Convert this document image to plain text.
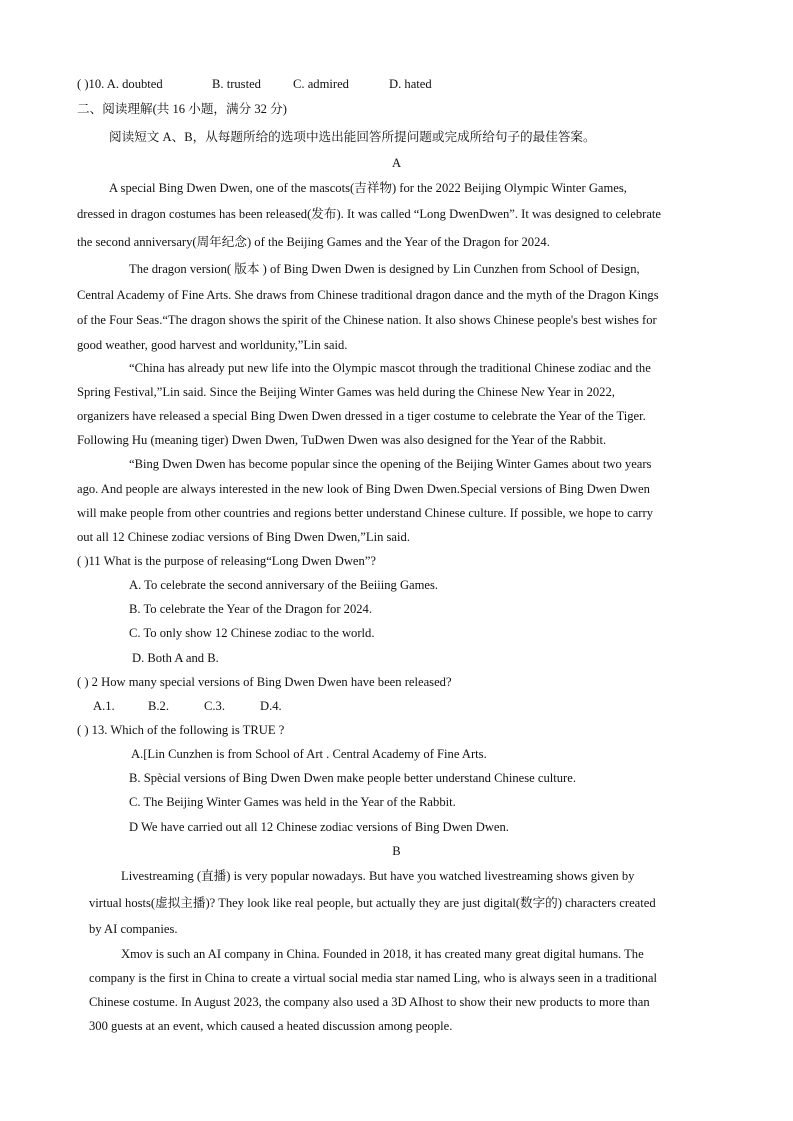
( )10. A. doubted	B. trusted	C. admired	D. hated
二、阅读理解(共 16 小题，满分 32 分)
阅读短文 A、B，从每题所给的选项中选出能回答所提问题或完成所给句子的最佳答案。
A
A special Bing Dwen Dwen, one of the mascots(吉祥物) for the 2022 Beijing Olympic Winter Games,
dressed in dragon costumes has been released(发布). It was called “Long DwenDwen”. It was designed to celebrate
the second anniversary(周年纪念) of the Beijing Games and the Year of the Dragon for 2024.
The dragon version( 版本 ) of Bing Dwen Dwen is designed by Lin Cunzhen from School of Design,
Central Academy of Fine Arts. She draws from Chinese traditional dragon dance and the myth of the Dragon Kings
of the Four Seas.“The dragon shows the spirit of the Chinese nation. It also shows Chinese people's best wishes for
good weather, good harvest and worldunity,”Lin said.
“China has already put new life into the Olympic mascot through the traditional Chinese zodiac and the
Spring Festival,”Lin said. Since the Beijing Winter Games was held during the Chinese New Year in 2022,
organizers have released a special Bing Dwen Dwen dressed in a tiger costume to celebrate the Year of the Tiger.
Following Hu (meaning tiger) Dwen Dwen, TuDwen Dwen was also designed for the Year of the Rabbit.
“Bing Dwen Dwen has become popular since the opening of the Beijing Winter Games about two years
ago. And people are always interested in the new look of Bing Dwen Dwen.Special versions of Bing Dwen Dwen
will make people from other countries and regions better understand Chinese culture. If possible, we hope to carry
out all 12 Chinese zodiac versions of Bing Dwen Dwen,”Lin said.
( )11 What is the purpose of releasing“Long Dwen Dwen”?
A. To celebrate the second anniversary of the Beiiing Games.
B. To celebrate the Year of the Dragon for 2024.
C. To only show 12 Chinese zodiac to the world.
D. Both A and B.
( ) 2 How many special versions of Bing Dwen Dwen have been released?
A.1.	B.2.	C.3.	D.4.
( ) 13. Which of the following is TRUE ?
A.[Lin Cunzhen is from School of Art . Central Academy of Fine Arts.
B. Spècial versions of Bing Dwen Dwen make people better understand Chinese culture.
C. The Beijing Winter Games was held in the Year of the Rabbit.
D We have carried out all 12 Chinese zodiac versions of Bing Dwen Dwen.
B
Livestreaming (直播) is very popular nowadays. But have you watched livestreaming shows given by
virtual hosts(虚拟主播)? They look like real people, but actually they are just digital(数字的) characters created
by AI companies.
Xmov is such an AI company in China. Founded in 2018, it has created many great digital humans. The
company is the first in China to create a virtual social media star named Ling, who is always seen in a traditional
Chinese costume. In August 2023, the company also used a 3D AIhost to show their new products to more than
300 guests at an event, which caused a heated discussion among people.
